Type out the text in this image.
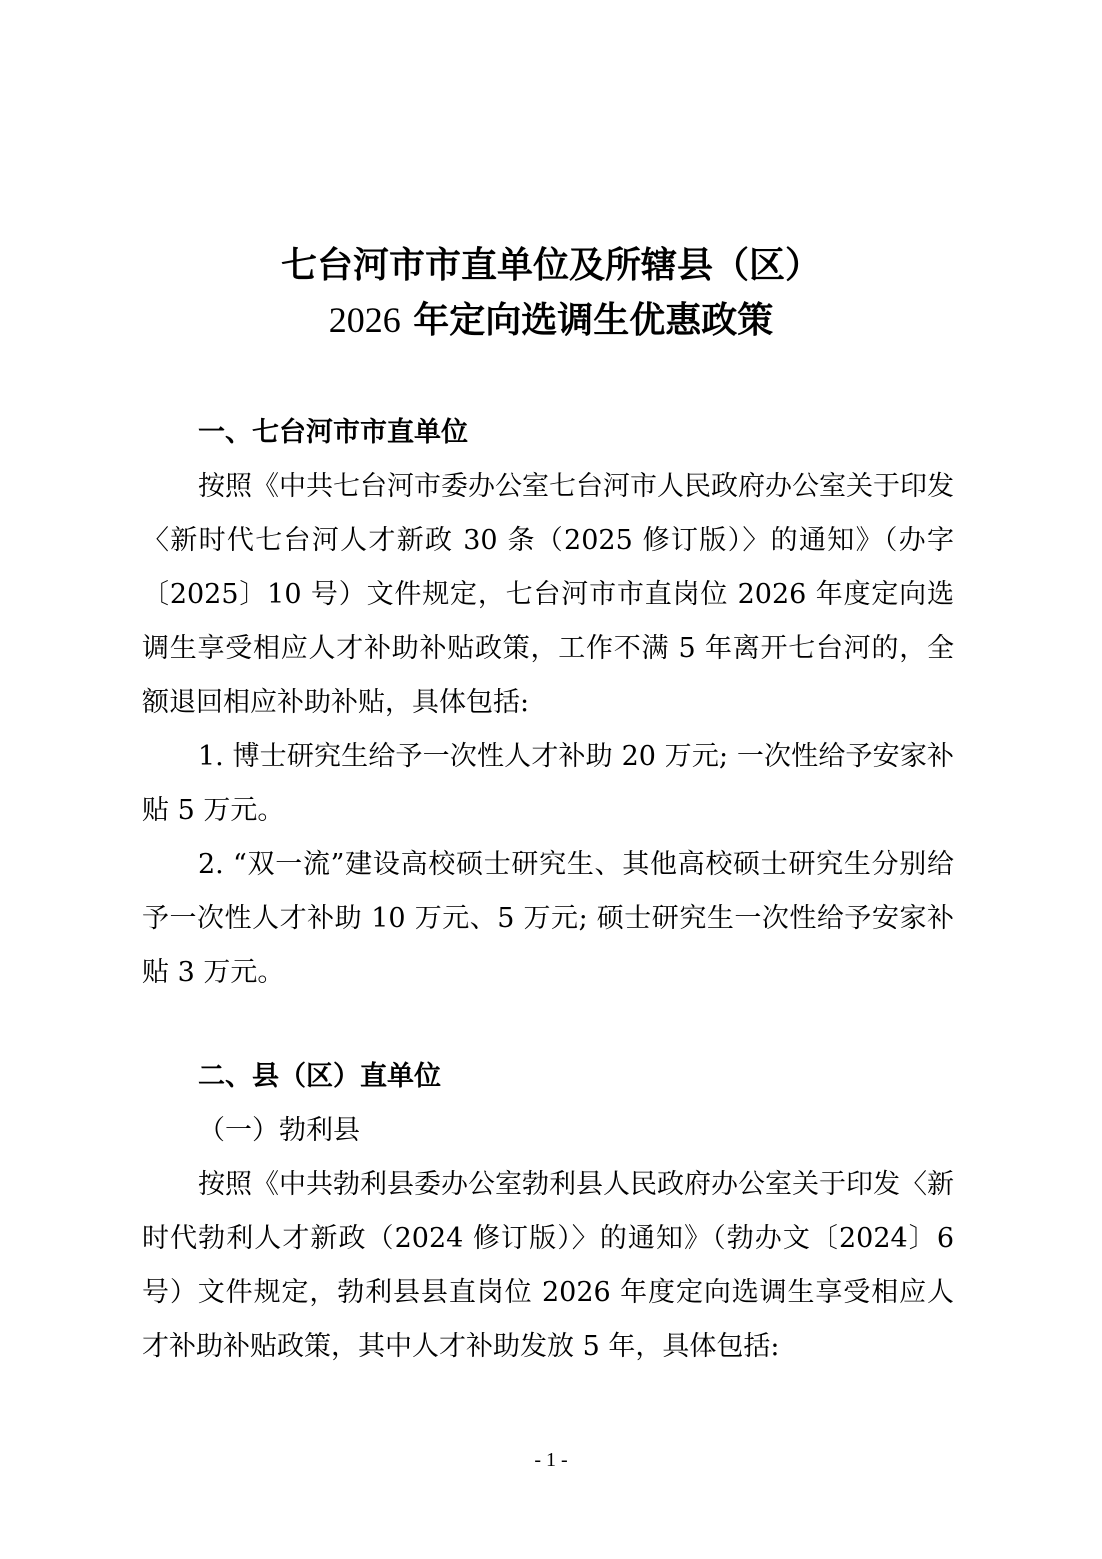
七台河市市直单位及所辖县（区）
2026 年定向选调生优惠政策
一、七台河市市直单位
按照《中共七台河市委办公室七台河市人民政府办公室关于印发〈新时代七台河人才新政 30 条（2025 修订版）〉的通知》（办字〔2025〕10 号）文件规定，七台河市市直岗位 2026 年度定向选调生享受相应人才补助补贴政策，工作不满 5 年离开七台河的，全额退回相应补助补贴，具体包括:
1. 博士研究生给予一次性人才补助 20 万元; 一次性给予安家补贴 5 万元。
2. “双一流”建设高校硕士研究生、其他高校硕士研究生分别给予一次性人才补助 10 万元、5 万元; 硕士研究生一次性给予安家补贴 3 万元。
二、县（区）直单位
（一）勃利县
按照《中共勃利县委办公室勃利县人民政府办公室关于印发〈新时代勃利人才新政（2024 修订版）〉的通知》（勃办文〔2024〕6 号）文件规定，勃利县县直岗位 2026 年度定向选调生享受相应人才补助补贴政策，其中人才补助发放 5 年，具体包括:
- 1 -
